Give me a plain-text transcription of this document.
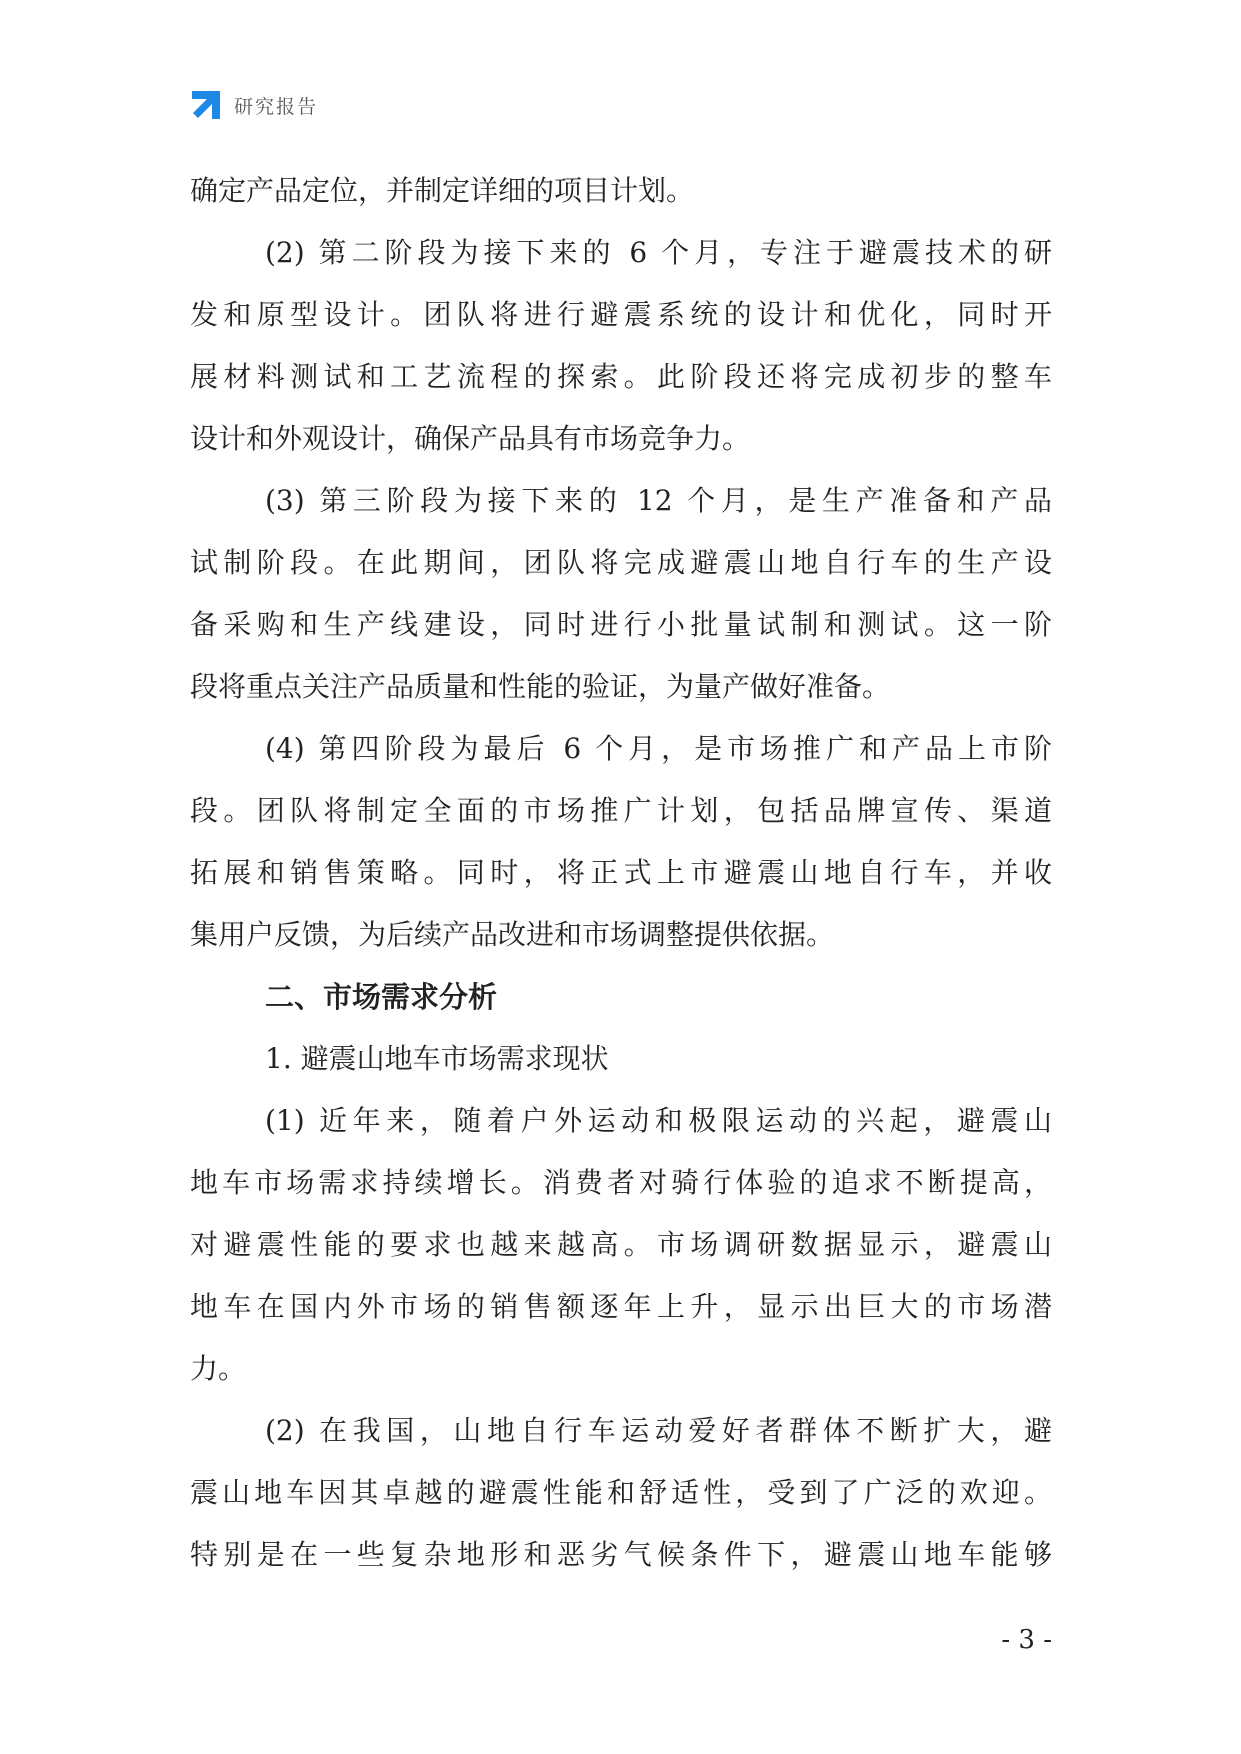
研究报告
确定产品定位，并制定详细的项目计划。
(2) 第二阶段为接下来的 6 个月，专注于避震技术的研
发和原型设计。团队将进行避震系统的设计和优化，同时开
展材料测试和工艺流程的探索。此阶段还将完成初步的整车
设计和外观设计，确保产品具有市场竞争力。
(3) 第三阶段为接下来的 12 个月，是生产准备和产品
试制阶段。在此期间，团队将完成避震山地自行车的生产设
备采购和生产线建设，同时进行小批量试制和测试。这一阶
段将重点关注产品质量和性能的验证，为量产做好准备。
(4) 第四阶段为最后 6 个月，是市场推广和产品上市阶
段。团队将制定全面的市场推广计划，包括品牌宣传、渠道
拓展和销售策略。同时，将正式上市避震山地自行车，并收
集用户反馈，为后续产品改进和市场调整提供依据。
二、市场需求分析
1. 避震山地车市场需求现状
(1) 近年来，随着户外运动和极限运动的兴起，避震山
地车市场需求持续增长。消费者对骑行体验的追求不断提高，
对避震性能的要求也越来越高。市场调研数据显示，避震山
地车在国内外市场的销售额逐年上升，显示出巨大的市场潜
力。
(2) 在我国，山地自行车运动爱好者群体不断扩大，避
震山地车因其卓越的避震性能和舒适性，受到了广泛的欢迎。
特别是在一些复杂地形和恶劣气候条件下，避震山地车能够
- 3 -
